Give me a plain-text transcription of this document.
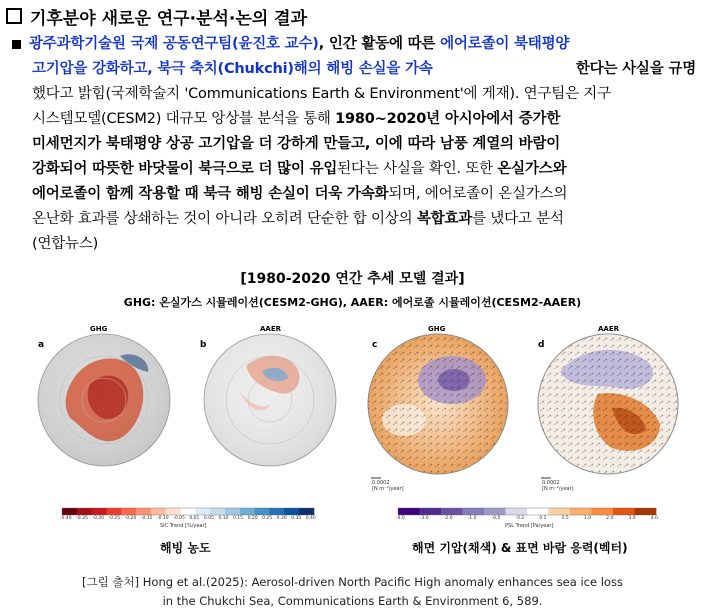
기후분야 새로운 연구·분석·논의 결과
광주과학기술원 국제 공동연구팀(윤진호 교수) , 인간 활동에 따른 에어로졸이 북태평양
고기압을 강화하고, 북극 축치(Chukchi)해의 해빙 손실을 가속	한다는 사실을 규명
했다고 밝힘(국제학술지 'Communications Earth & Environment'에 게재). 연구팀은 지구
시스템모델(CESM2) 대규모 앙상블 분석을 통해 1980~2020년 아시아에서 증가한
미세먼지가 북태평양 상공 고기압을 더 강하게 만들고, 이에 따라 남풍 계열의 바람이
강화되어 따뜻한 바닷물이 북극으로 더 많이 유입 된다는 사실을 확인. 또한 온실가스와
에어로졸이 함께 작용할 때 북극 해빙 손실이 더욱 가속화 되며, 에어로졸이 온실가스의
온난화 효과를 상쇄하는 것이 아니라 오히려 단순한 합 이상의 복합효과 를 냈다고 분석
(연합뉴스)
[1980-2020 연간 추세 모델 결과]
GHG: 온실가스 시뮬레이션(CESM2-GHG), AAER: 에어로졸 시뮬레이션(CESM2-AAER)
a
GHG
b
AAER
c
GHG
d
AAER
0.0002
[N m⁻²/year]
0.0002
[N m⁻²/year]
-0.40 -0.35 -0.30 -0.25 -0.20 -0.15 -0.10 -0.05 0.01 0.05 0.10 0.15 0.20 0.25 0.30 0.35 0.40
SIC Trend [%/year]
-4.0	-3.0	-2.0	-1.0	-0.5	-0.2	0.2	0.5	1.0	2.0	3.0	4.0
PSL Trend [Pa/year]
해빙 농도	해면 기압(채색) & 표면 바람 응력(벡터)
[그림 출처] Hong et al.(2025): Aerosol-driven North Pacific High anomaly enhances sea ice loss
in the Chukchi Sea, Communications Earth & Environment 6, 589.
